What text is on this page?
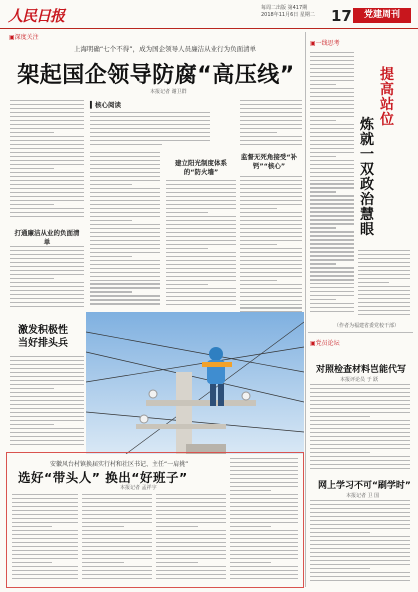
人民日报	每周二出版 第417期
2018年11月6日 星期二 17	党建周刊
▣深度关注
上海明确“七个不得”，成为国企领导人员廉洁从业行为负面清单
架起国企领导防腐“高压线”
本报记者 谢卫群
打通廉洁从业的负面清单
▍核心阅读
建立阳光制度体系的“防火墙”
监督无死角接受“补钙”“核心”
激发积极性
当好排头兵
▣一线思考
提
高
站
位
炼
就
一
双
政
治
慧
眼
（作者为福建省委党校干部）
▣党员论坛
对照检查材料岂能代写
本报评论员 于 跃
网上学习不可“刷学时”
本报记者 卫 国
安徽风台村镇换届实行村和社区书记、主任“一肩挑”
选好“带头人” 换出“好班子”
本报记者 孟祥宇
